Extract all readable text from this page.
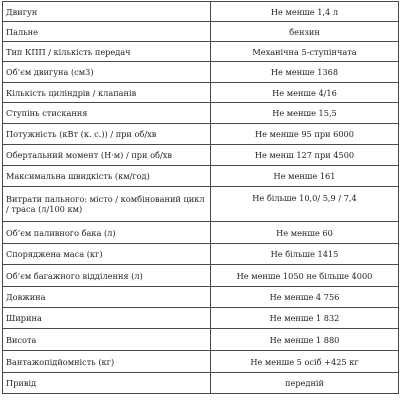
Двигун	Не менше 1,4 л
Пальне	бензин
Тип КПП / кількість передач	Механічна 5-ступінчата
Об’єм двигуна (см3)	Не менше 1368
Кількість циліндрів / клапанів	Не менше 4/16
Ступінь стискання	Не менше 15,5
Потужність (кВт (к. с.)) / при об/хв	Не менше 95 при 6000
Обертальний момент (Н·м) / при об/хв	Не менш 127 при 4500
Максимальна швидкість (км/год)	Не менше 161
Витрати пального: місто / комбінований цикл / траса (л/100 км)	Не більше 10,0/ 5,9 / 7,4
Об’єм паливного бака (л)	Не менше 60
Споряджена маса (кг)	Не більше 1415
Об’єм багажного відділення (л)	Не менше 1050 не більше 4000
Довжина	Не менше 4 756
Ширина	Не менше 1 832
Висота	Не менше 1 880
Вантажопідйомність (кг)	Не менше 5 осіб +425 кг
Привід	передній
